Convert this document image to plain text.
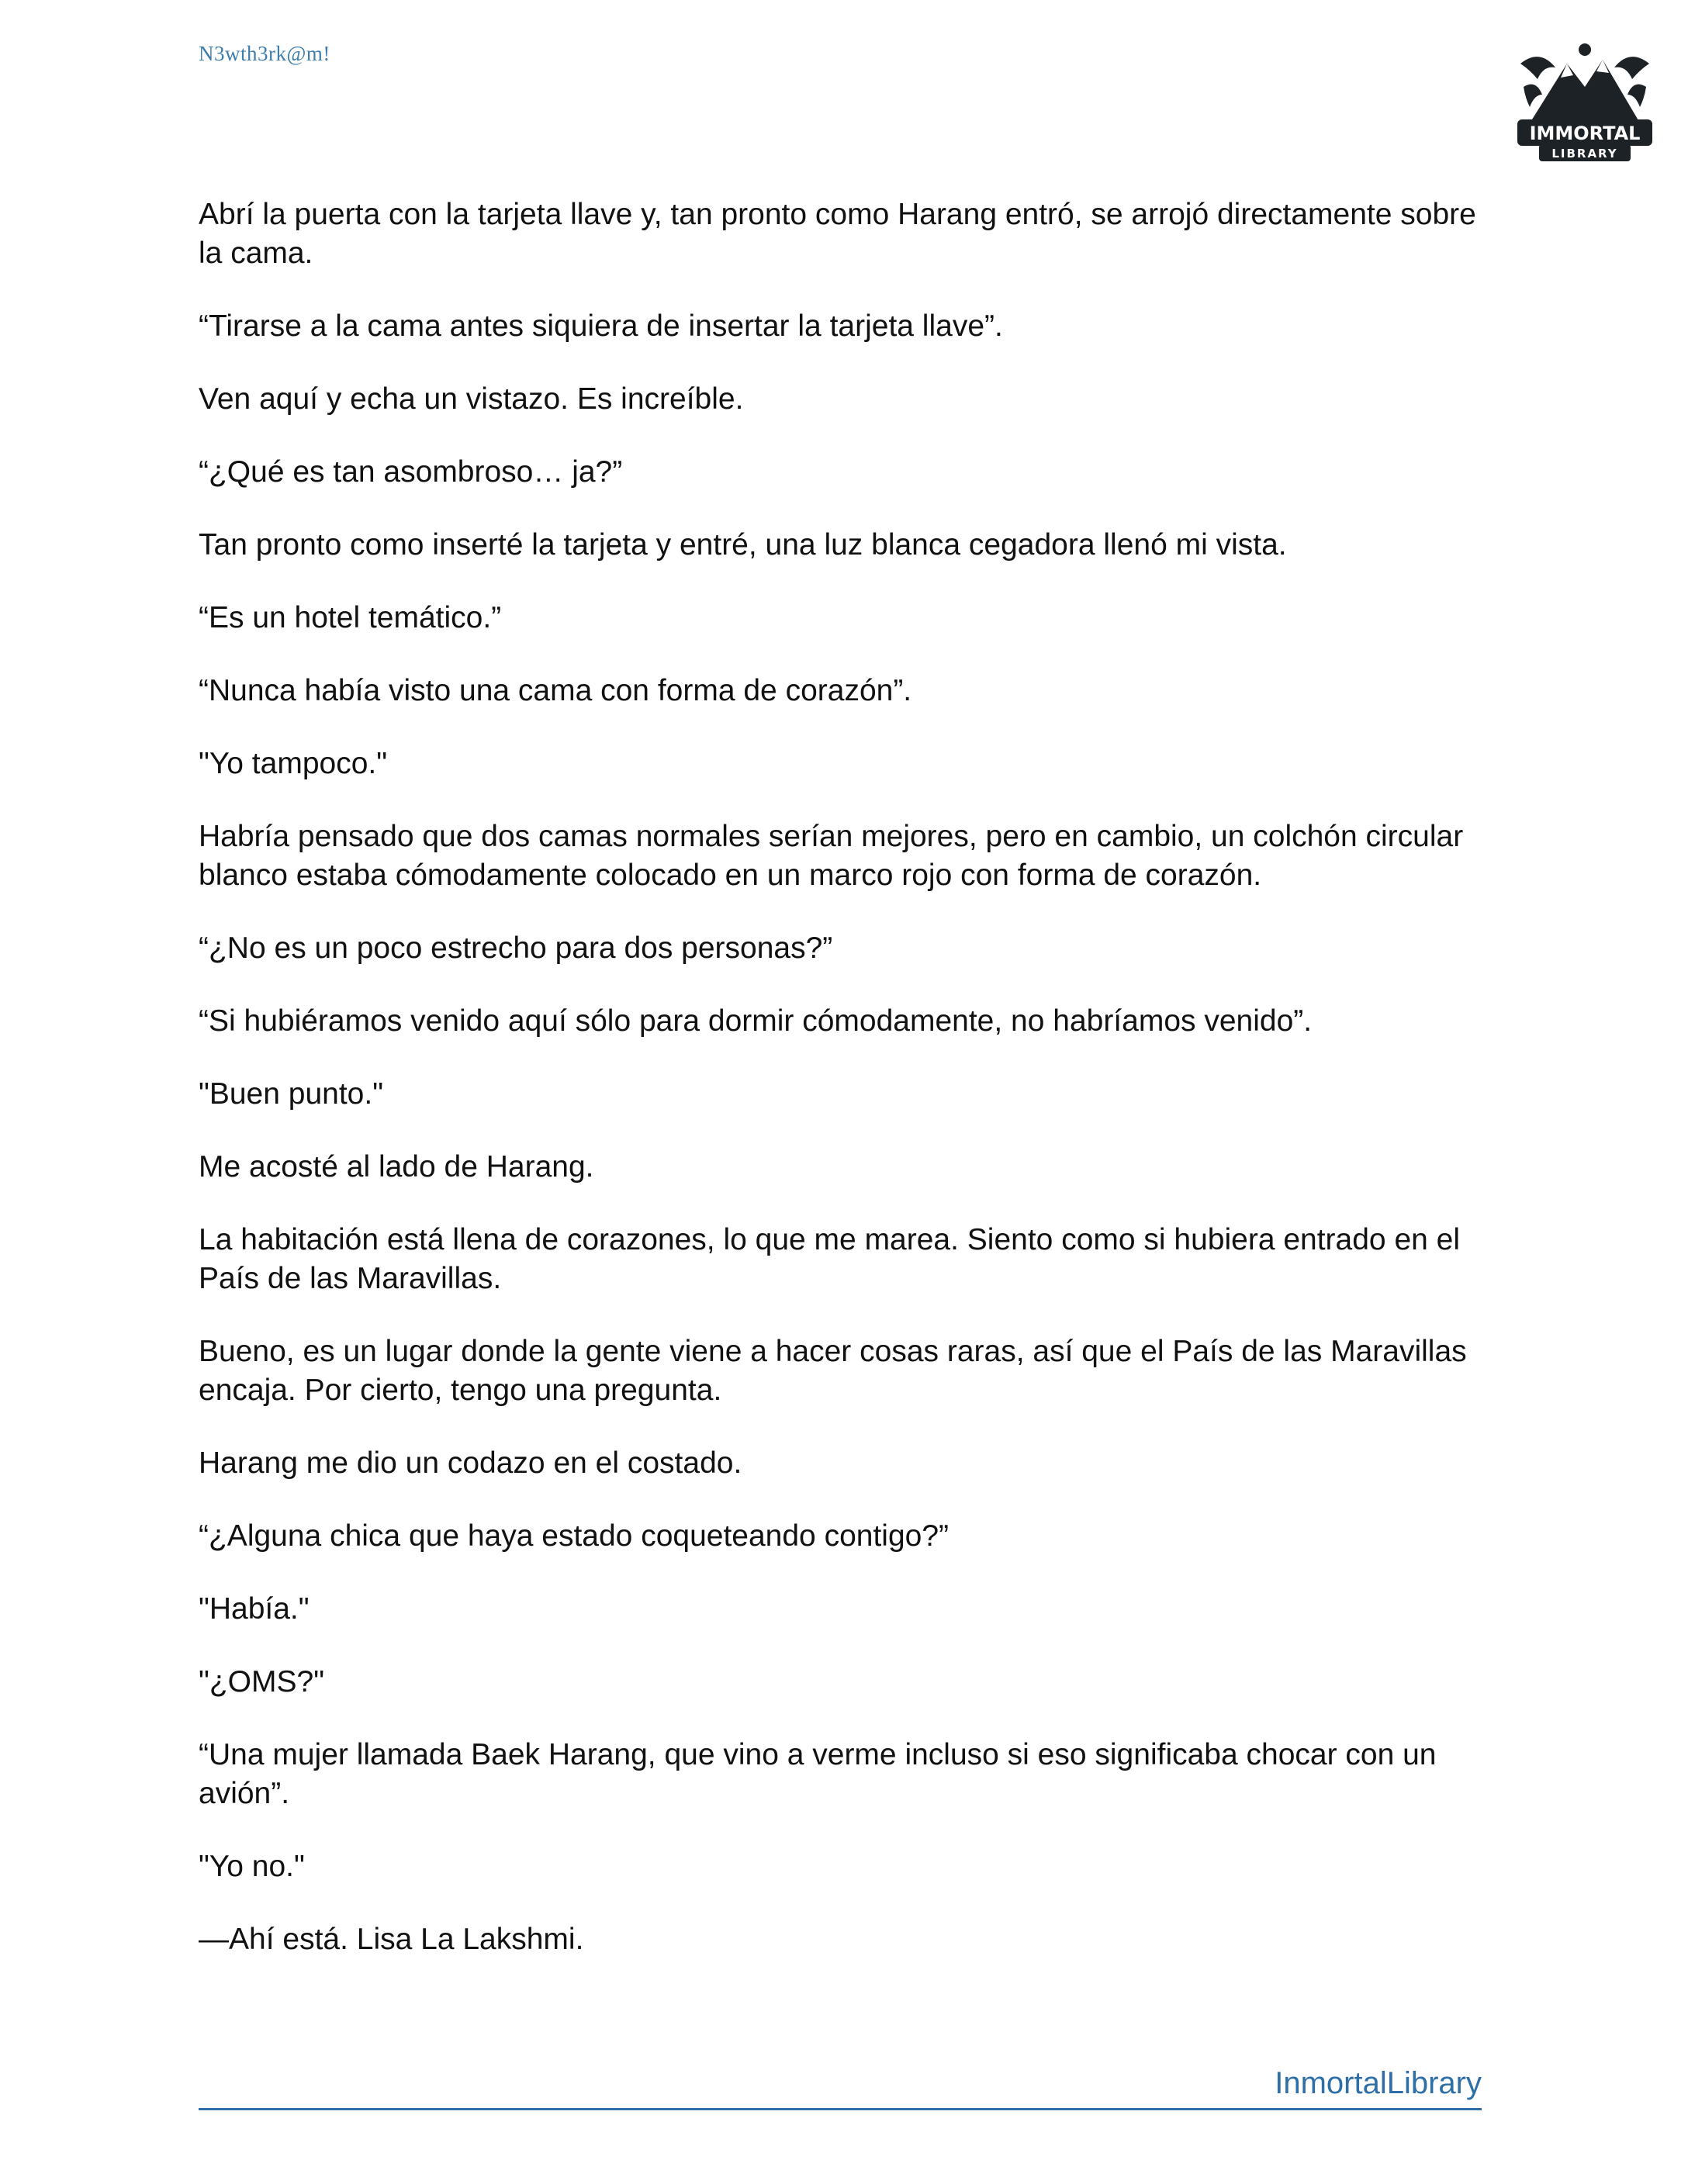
N3wth3rk@m!
IMMORTAL
LIBRARY

Abrí la puerta con la tarjeta llave y, tan pronto como Harang entró, se arrojó directamente sobre la cama.

“Tirarse a la cama antes siquiera de insertar la tarjeta llave”.

Ven aquí y echa un vistazo. Es increíble.

“¿Qué es tan asombroso… ja?”

Tan pronto como inserté la tarjeta y entré, una luz blanca cegadora llenó mi vista.

“Es un hotel temático.”

“Nunca había visto una cama con forma de corazón”.

"Yo tampoco."

Habría pensado que dos camas normales serían mejores, pero en cambio, un colchón circular blanco estaba cómodamente colocado en un marco rojo con forma de corazón.

“¿No es un poco estrecho para dos personas?”

“Si hubiéramos venido aquí sólo para dormir cómodamente, no habríamos venido”.

"Buen punto."

Me acosté al lado de Harang.

La habitación está llena de corazones, lo que me marea. Siento como si hubiera entrado en el País de las Maravillas.

Bueno, es un lugar donde la gente viene a hacer cosas raras, así que el País de las Maravillas encaja. Por cierto, tengo una pregunta.

Harang me dio un codazo en el costado.

“¿Alguna chica que haya estado coqueteando contigo?”

"Había."

"¿OMS?"

“Una mujer llamada Baek Harang, que vino a verme incluso si eso significaba chocar con un avión”.

"Yo no."

—Ahí está. Lisa La Lakshmi.

InmortalLibrary
